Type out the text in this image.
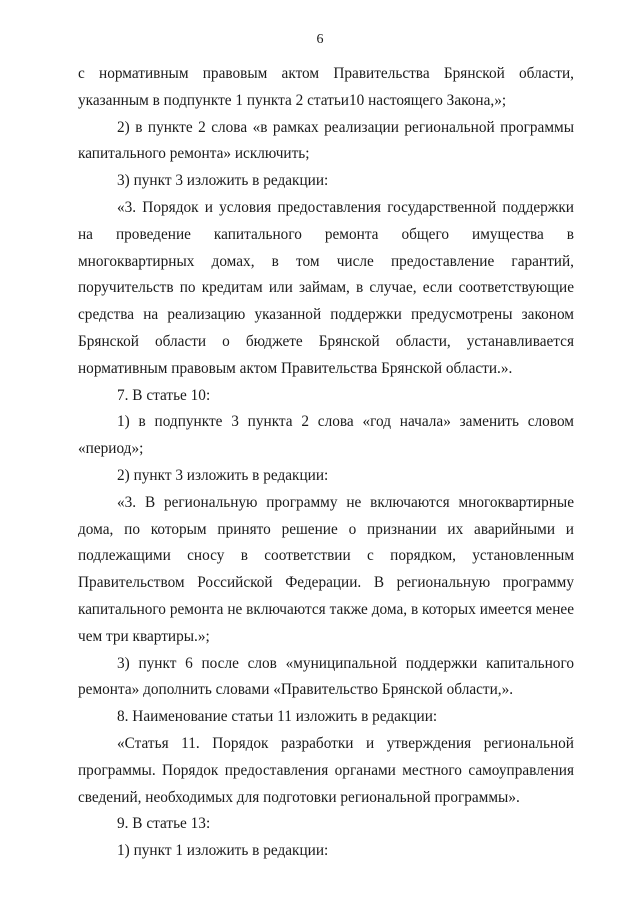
6

с нормативным правовым актом Правительства Брянской области, указанным в подпункте 1 пункта 2 статьи10 настоящего Закона,»;

2) в пункте 2 слова «в рамках реализации региональной программы капитального ремонта» исключить;

3) пункт 3 изложить в редакции:

«3. Порядок и условия предоставления государственной поддержки на проведение капитального ремонта общего имущества в многоквартирных домах, в том числе предоставление гарантий, поручительств по кредитам или займам, в случае, если соответствующие средства на реализацию указанной поддержки предусмотрены законом Брянской области о бюджете Брянской области, устанавливается нормативным правовым актом Правительства Брянской области.».

7. В статье 10:

1) в подпункте 3 пункта 2 слова «год начала» заменить словом «период»;

2) пункт 3 изложить в редакции:

«3. В региональную программу не включаются многоквартирные дома, по которым принято решение о признании их аварийными и подлежащими сносу в соответствии с порядком, установленным Правительством Российской Федерации. В региональную программу капитального ремонта не включаются также дома, в которых имеется менее чем три квартиры.»;

3) пункт 6 после слов «муниципальной поддержки капитального ремонта» дополнить словами «Правительство Брянской области,».

8. Наименование статьи 11 изложить в редакции:

«Статья 11. Порядок разработки и утверждения региональной программы. Порядок предоставления органами местного самоуправления сведений, необходимых для подготовки региональной программы».

9. В статье 13:

1) пункт 1 изложить в редакции:
